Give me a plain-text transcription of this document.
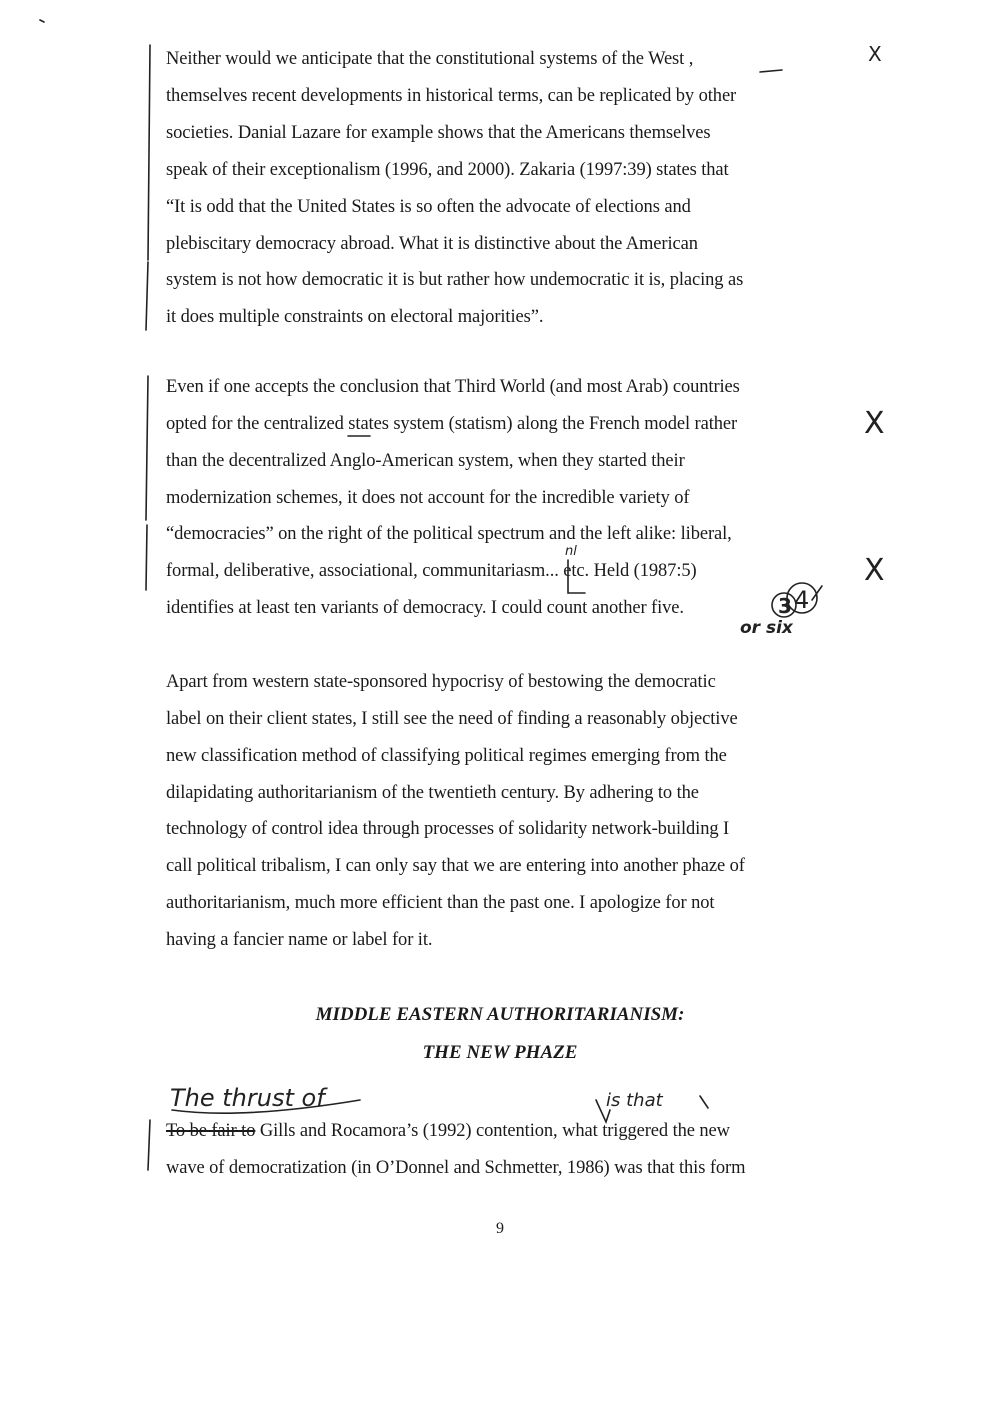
Neither would we anticipate that the constitutional systems of the West ,
themselves recent developments in historical terms, can be replicated by other
societies. Danial Lazare for example shows that the Americans themselves
speak of their exceptionalism (1996, and 2000). Zakaria (1997:39) states that
“It is odd that the United States is so often the advocate of elections and
plebiscitary democracy abroad. What it is distinctive about the American
system is not how democratic it is but rather how undemocratic it is, placing as
it does multiple constraints on electoral majorities”.
Even if one accepts the conclusion that Third World (and most Arab) countries
opted for the centralized states system (statism) along the French model rather
than the decentralized Anglo-American system, when they started their
modernization schemes, it does not account for the incredible variety of
“democracies” on the right of the political spectrum and the left alike: liberal,
formal, deliberative, associational, communitariasm... etc. Held (1987:5)
identifies at least ten variants of democracy. I could count another five.
Apart from western state-sponsored hypocrisy of bestowing the democratic
label on their client states, I still see the need of finding a reasonably objective
new classification method of classifying political regimes emerging from the
dilapidating authoritarianism of the twentieth century. By adhering to the
technology of control idea through processes of solidarity network-building I
call political tribalism, I can only say that we are entering into another phaze of
authoritarianism, much more efficient than the past one. I apologize for not
having a fancier name or label for it.
MIDDLE EASTERN AUTHORITARIANISM:
THE NEW PHAZE
To be fair to Gills and Rocamora’s (1992) contention, what triggered the new
wave of democratization (in O’Donnel and Schmetter, 1986) was that this form
X
X
X
nl
3 4
or six
The thrust of	is that
9
